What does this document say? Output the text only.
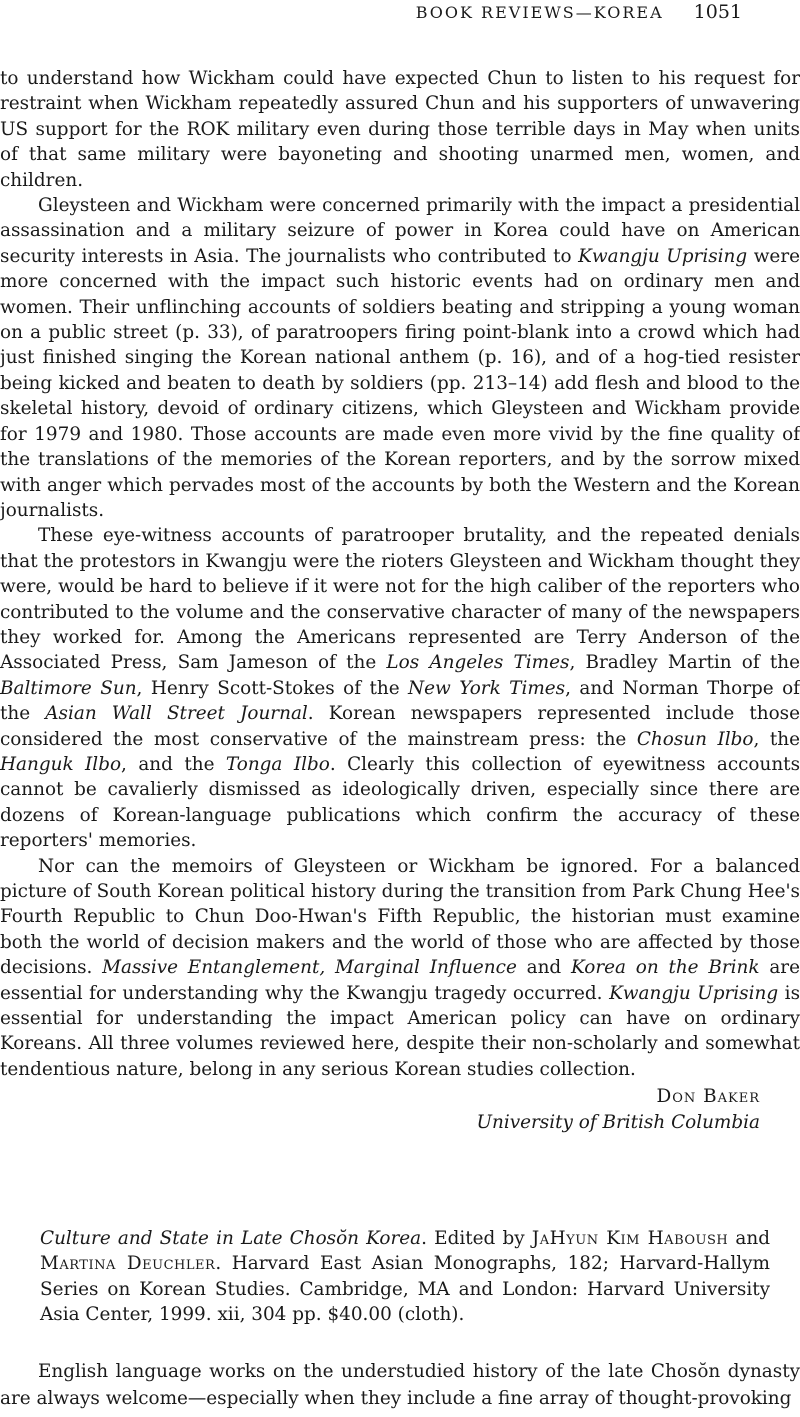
BOOK REVIEWS—KOREA 1051

to understand how Wickham could have expected Chun to listen to his request for restraint when Wickham repeatedly assured Chun and his supporters of unwavering US support for the ROK military even during those terrible days in May when units of that same military were bayoneting and shooting unarmed men, women, and children.

Gleysteen and Wickham were concerned primarily with the impact a presidential assassination and a military seizure of power in Korea could have on American security interests in Asia. The journalists who contributed to Kwangju Uprising were more concerned with the impact such historic events had on ordinary men and women. Their unflinching accounts of soldiers beating and stripping a young woman on a public street (p. 33), of paratroopers firing point-blank into a crowd which had just finished singing the Korean national anthem (p. 16), and of a hog-tied resister being kicked and beaten to death by soldiers (pp. 213–14) add flesh and blood to the skeletal history, devoid of ordinary citizens, which Gleysteen and Wickham provide for 1979 and 1980. Those accounts are made even more vivid by the fine quality of the translations of the memories of the Korean reporters, and by the sorrow mixed with anger which pervades most of the accounts by both the Western and the Korean journalists.

These eye-witness accounts of paratrooper brutality, and the repeated denials that the protestors in Kwangju were the rioters Gleysteen and Wickham thought they were, would be hard to believe if it were not for the high caliber of the reporters who contributed to the volume and the conservative character of many of the newspapers they worked for. Among the Americans represented are Terry Anderson of the Associated Press, Sam Jameson of the Los Angeles Times, Bradley Martin of the Baltimore Sun, Henry Scott-Stokes of the New York Times, and Norman Thorpe of the Asian Wall Street Journal. Korean newspapers represented include those considered the most conservative of the mainstream press: the Chosun Ilbo, the Hanguk Ilbo, and the Tonga Ilbo. Clearly this collection of eyewitness accounts cannot be cavalierly dismissed as ideologically driven, especially since there are dozens of Korean-language publications which confirm the accuracy of these reporters' memories.

Nor can the memoirs of Gleysteen or Wickham be ignored. For a balanced picture of South Korean political history during the transition from Park Chung Hee's Fourth Republic to Chun Doo-Hwan's Fifth Republic, the historian must examine both the world of decision makers and the world of those who are affected by those decisions. Massive Entanglement, Marginal Influence and Korea on the Brink are essential for understanding why the Kwangju tragedy occurred. Kwangju Uprising is essential for understanding the impact American policy can have on ordinary Koreans. All three volumes reviewed here, despite their non-scholarly and somewhat tendentious nature, belong in any serious Korean studies collection.

Don Baker
University of British Columbia
Culture and State in Late Chosŏn Korea. Edited by JaHyun Kim Haboush and Martina Deuchler. Harvard East Asian Monographs, 182; Harvard-Hallym Series on Korean Studies. Cambridge, MA and London: Harvard University Asia Center, 1999. xii, 304 pp. $40.00 (cloth).

English language works on the understudied history of the late Chosŏn dynasty are always welcome—especially when they include a fine array of thought-provoking
